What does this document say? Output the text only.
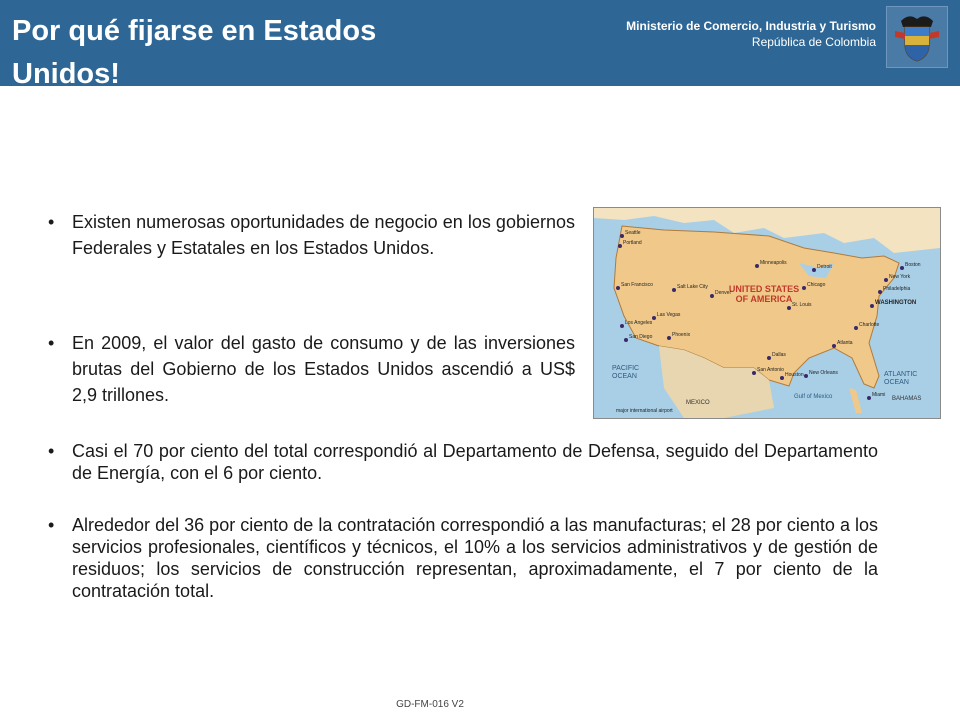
Por qué fijarse en Estados Unidos!
Ministerio de Comercio, Industria y Turismo
República de Colombia
• Existen numerosas oportunidades de negocio en los gobiernos Federales y Estatales en los Estados Unidos.
• En 2009, el valor del gasto de consumo y de las inversiones brutas del Gobierno de los Estados Unidos ascendió a US$ 2,9 trillones.
• Casi el 70 por ciento del total correspondió al Departamento de Defensa, seguido del Departamento de Energía, con el 6 por ciento.
• Alrededor del 36 por ciento de la contratación correspondió a las manufacturas; el 28 por ciento a los servicios profesionales, científicos y técnicos, el 10% a los servicios administrativos y de gestión de residuos; los servicios de construcción representan, aproximadamente, el 7 por ciento de la contratación total.
UNITED STATES
OF AMERICA
PACIFIC
OCEAN	ATLANTIC
OCEAN
Gulf of Mexico
MEXICO
BAHAMAS
major international airport
Seattle
Portland
San Francisco
Los Angeles
San Diego	Phoenix
Las Vegas
Salt Lake City
Denver
Dallas
Houston
San Antonio
Minneapolis
Chicago
Detroit
St. Louis
Atlanta
Miami
WASHINGTON
New York
Philadelphia
Boston
New Orleans
Charlotte
GD-FM-016 V2
